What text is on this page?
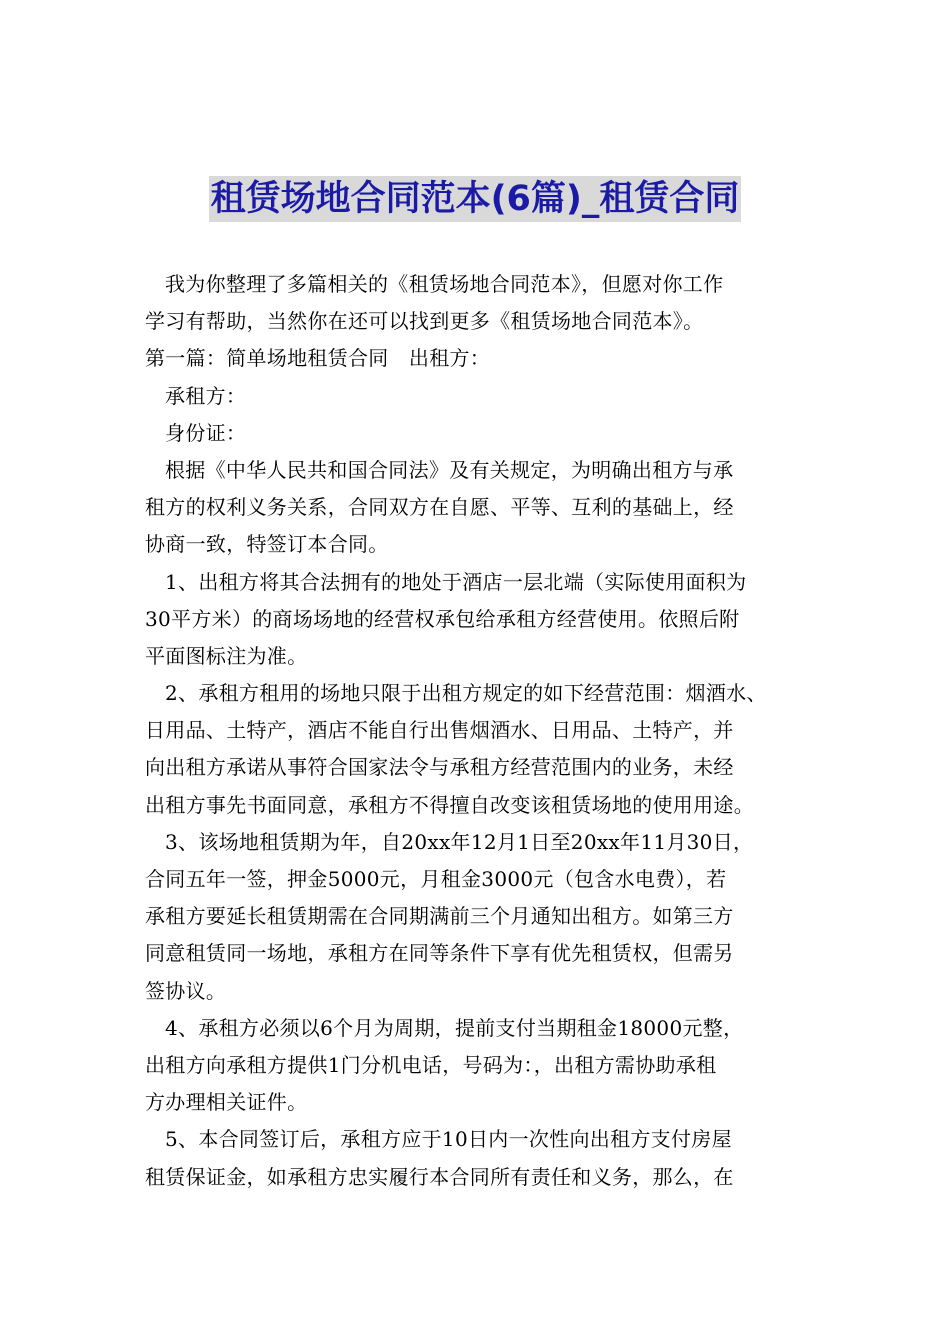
租赁场地合同范本(6篇)_租赁合同
我为你整理了多篇相关的《租赁场地合同范本》，但愿对你工作
学习有帮助，当然你在还可以找到更多《租赁场地合同范本》。
第一篇：简单场地租赁合同　出租方：
承租方：
身份证：
根据《中华人民共和国合同法》及有关规定，为明确出租方与承
租方的权利义务关系，合同双方在自愿、平等、互利的基础上，经
协商一致，特签订本合同。
1、出租方将其合法拥有的地处于酒店一层北端（实际使用面积为
30平方米）的商场场地的经营权承包给承租方经营使用。依照后附
平面图标注为准。
2、承租方租用的场地只限于出租方规定的如下经营范围：烟酒水、
日用品、土特产，酒店不能自行出售烟酒水、日用品、土特产，并
向出租方承诺从事符合国家法令与承租方经营范围内的业务，未经
出租方事先书面同意，承租方不得擅自改变该租赁场地的使用用途。
3、该场地租赁期为年，自20xx年12月1日至20xx年11月30日，
合同五年一签，押金5000元，月租金3000元（包含水电费），若
承租方要延长租赁期需在合同期满前三个月通知出租方。如第三方
同意租赁同一场地，承租方在同等条件下享有优先租赁权，但需另
签协议。
4、承租方必须以6个月为周期，提前支付当期租金18000元整，
出租方向承租方提供1门分机电话，号码为：，出租方需协助承租
方办理相关证件。
5、本合同签订后，承租方应于10日内一次性向出租方支付房屋
租赁保证金，如承租方忠实履行本合同所有责任和义务，那么，在
